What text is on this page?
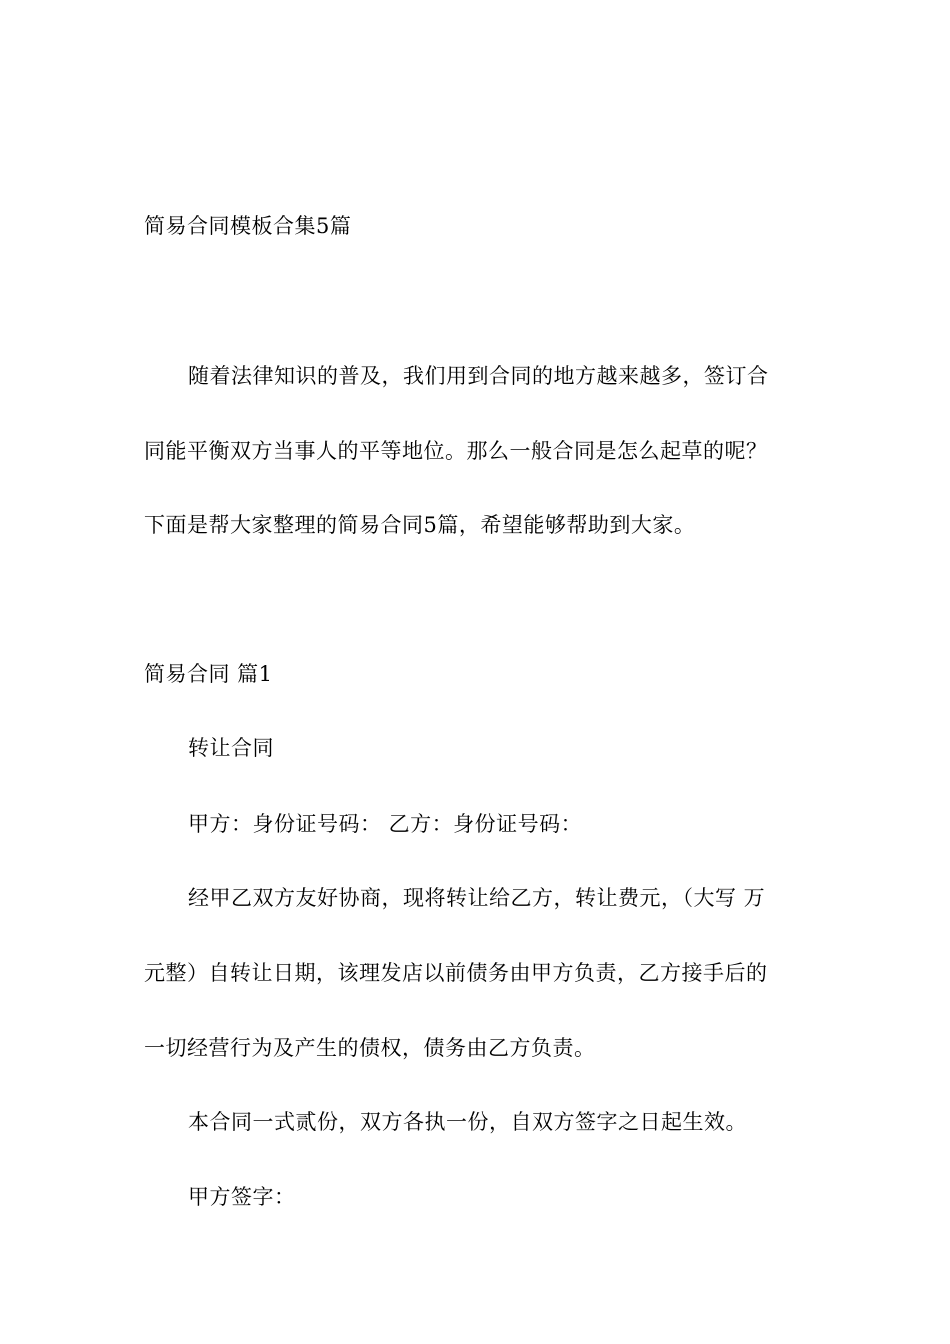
简易合同模板合集5篇
随着法律知识的普及，我们用到合同的地方越来越多，签订合
同能平衡双方当事人的平等地位。那么一般合同是怎么起草的呢？
下面是帮大家整理的简易合同5篇，希望能够帮助到大家。
简易合同 篇1
转让合同
甲方：身份证号码： 乙方：身份证号码：
经甲乙双方友好协商，现将转让给乙方，转让费元，（大写 万
元整）自转让日期，该理发店以前债务由甲方负责，乙方接手后的
一切经营行为及产生的债权，债务由乙方负责。
本合同一式贰份，双方各执一份，自双方签字之日起生效。
甲方签字：
